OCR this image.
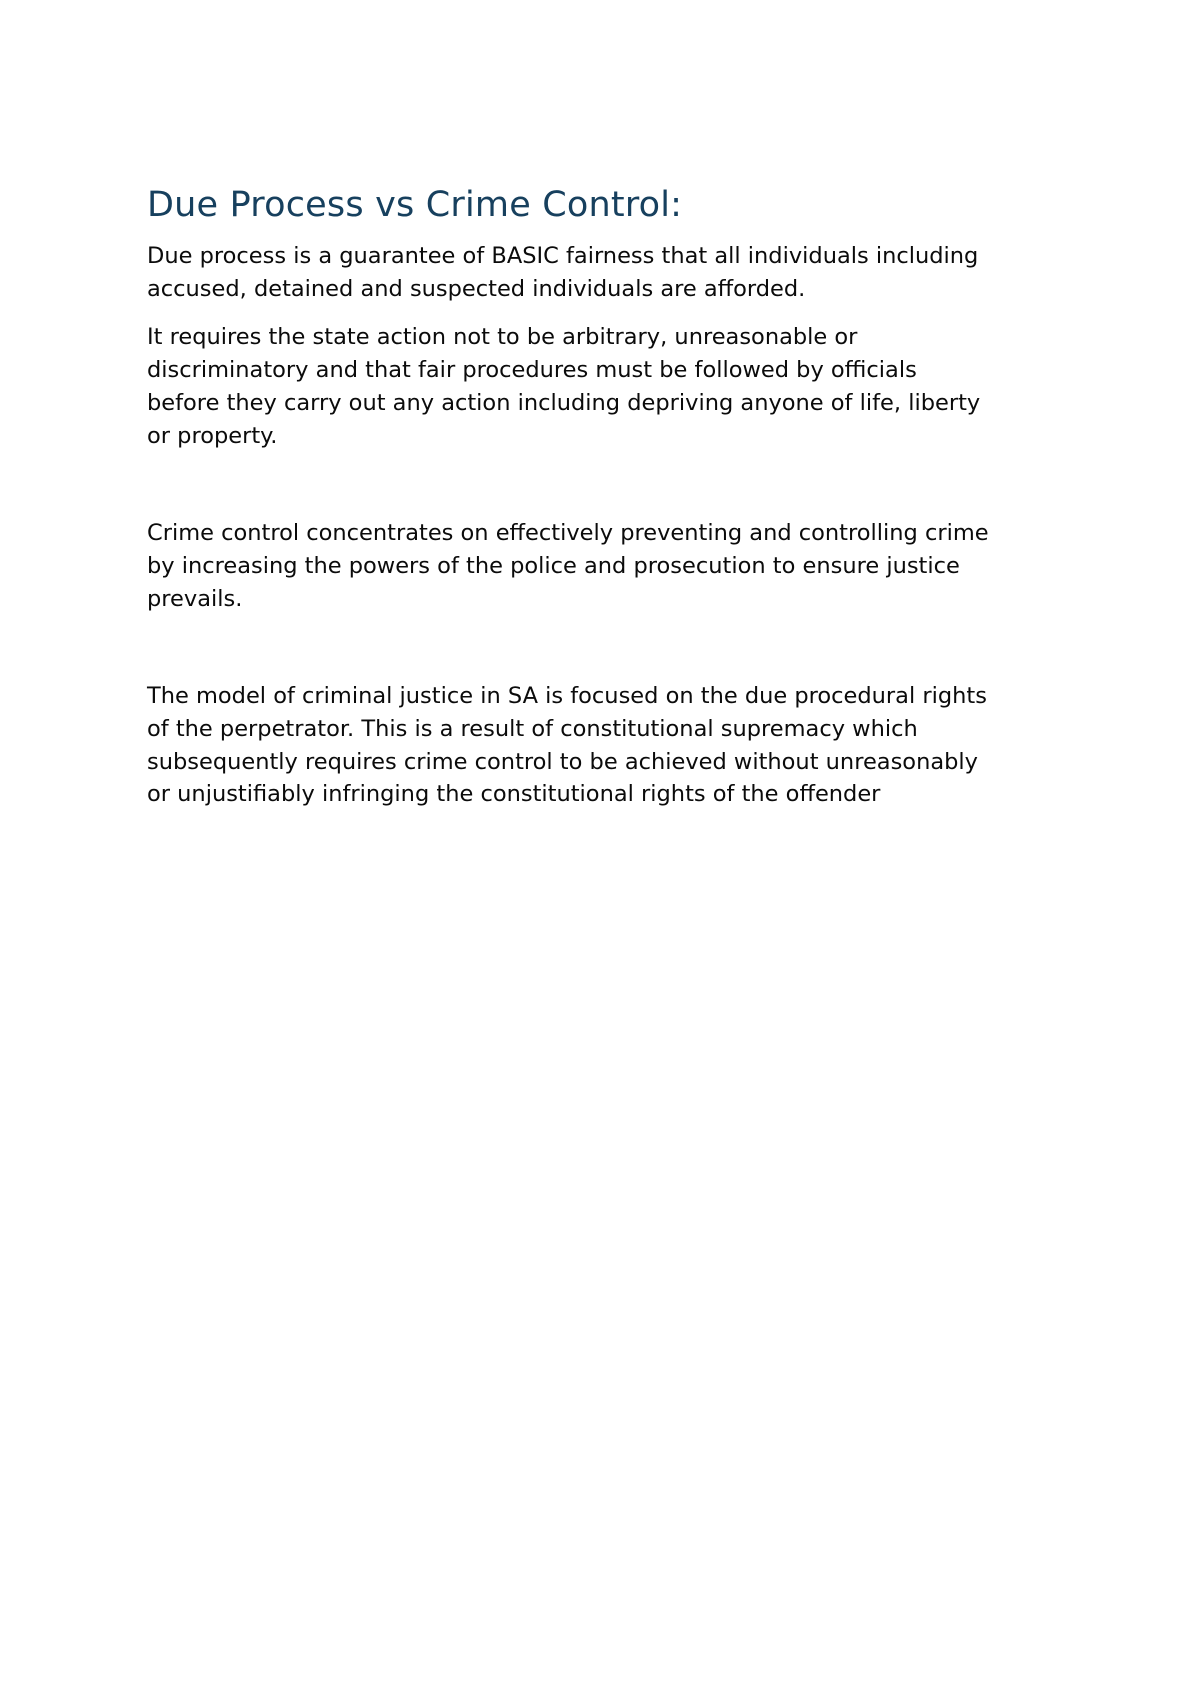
Due Process vs Crime Control:

Due process is a guarantee of BASIC fairness that all individuals including
accused, detained and suspected individuals are afforded.

It requires the state action not to be arbitrary, unreasonable or
discriminatory and that fair procedures must be followed by officials
before they carry out any action including depriving anyone of life, liberty
or property.

Crime control concentrates on effectively preventing and controlling crime
by increasing the powers of the police and prosecution to ensure justice
prevails.

The model of criminal justice in SA is focused on the due procedural rights
of the perpetrator. This is a result of constitutional supremacy which
subsequently requires crime control to be achieved without unreasonably
or unjustifiably infringing the constitutional rights of the offender
